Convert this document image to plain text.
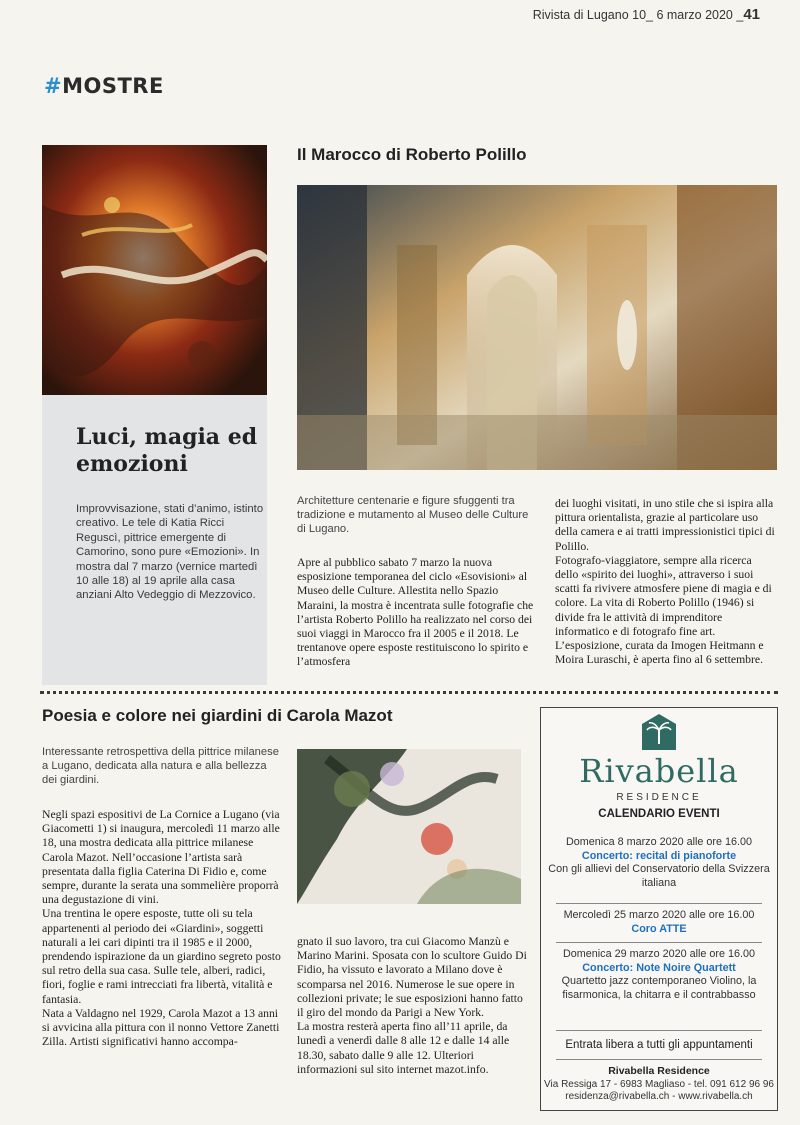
Rivista di Lugano 10_ 6 marzo 2020 _41
#MOSTRE
Luci, magia ed emozioni
Improvvisazione, stati d’animo, istinto creativo. Le tele di Katia Ricci Reguscì, pittrice emergente di Camorino, sono pure «Emozioni». In mostra dal 7 marzo (vernice martedì 10 alle 18) al 19 aprile alla casa anziani Alto Vedeggio di Mezzovico.
Il Marocco di Roberto Polillo
Architetture centenarie e figure sfuggenti tra tradizione e mutamento al Museo delle Culture di Lugano.
Apre al pubblico sabato 7 marzo la nuova esposizione temporanea del ciclo «Esovisioni» al Museo delle Culture. Allestita nello Spazio Maraini, la mostra è incentrata sulle fotografie che l’artista Roberto Polillo ha realizzato nel corso dei suoi viaggi in Marocco fra il 2005 e il 2018. Le trentanove opere esposte restituiscono lo spirito e l’atmosfera

dei luoghi visitati, in uno stile che si ispira alla pittura orientalista, grazie al particolare uso della camera e ai tratti impressionistici tipici di Polillo.

Fotografo-viaggiatore, sempre alla ricerca dello «spirito dei luoghi», attraverso i suoi scatti fa rivivere atmosfere piene di magia e di colore. La vita di Roberto Polillo (1946) si divide fra le attività di imprenditore informatico e di fotografo fine art. L’esposizione, curata da Imogen Heitmann e Moira Luraschi, è aperta fino al 6 settembre.

Poesia e colore nei giardini di Carola Mazot
Interessante retrospettiva della pittrice milanese a Lugano, dedicata alla natura e alla bellezza dei giardini.

Negli spazi espositivi de La Cornice a Lugano (via Giacometti 1) si inaugura, mercoledì 11 marzo alle 18, una mostra dedicata alla pittrice milanese Carola Mazot. Nell’occasione l’artista sarà presentata dalla figlia Caterina Di Fidio e, come sempre, durante la serata una sommelière proporrà una degustazione di vini.

Una trentina le opere esposte, tutte oli su tela appartenenti al periodo dei «Giardini», soggetti naturali a lei cari dipinti tra il 1985 e il 2000, prendendo ispirazione da un giardino segreto posto sul retro della sua casa. Sulle tele, alberi, radici, fiori, foglie e rami intrecciati fra libertà, vitalità e fantasia.

Nata a Valdagno nel 1929, Carola Mazot a 13 anni si avvicina alla pittura con il nonno Vettore Zanetti Zilla. Artisti significativi hanno accompa-

gnato il suo lavoro, tra cui Giacomo Manzù e Marino Marini. Sposata con lo scultore Guido Di Fidio, ha vissuto e lavorato a Milano dove è scomparsa nel 2016. Numerose le sue opere in collezioni private; le sue esposizioni hanno fatto il giro del mondo da Parigi a New York.

La mostra resterà aperta fino all’11 aprile, da lunedì a venerdì dalle 8 alle 12 e dalle 14 alle 18.30, sabato dalle 9 alle 12. Ulteriori informazioni sul sito internet mazot.info.

Rivabella
RESIDENCE
CALENDARIO EVENTI
Domenica 8 marzo 2020 alle ore 16.00
Concerto: recital di pianoforte
Con gli allievi del Conservatorio della Svizzera italiana
Mercoledì 25 marzo 2020 alle ore 16.00
Coro ATTE
Domenica 29 marzo 2020 alle ore 16.00
Concerto: Note Noire Quartett
Quartetto jazz contemporaneo Violino, la fisarmonica, la chitarra e il contrabbasso
Entrata libera a tutti gli appuntamenti
Rivabella Residence
Via Ressiga 17 - 6983 Magliaso - tel. 091 612 96 96
residenza@rivabella.ch - www.rivabella.ch
